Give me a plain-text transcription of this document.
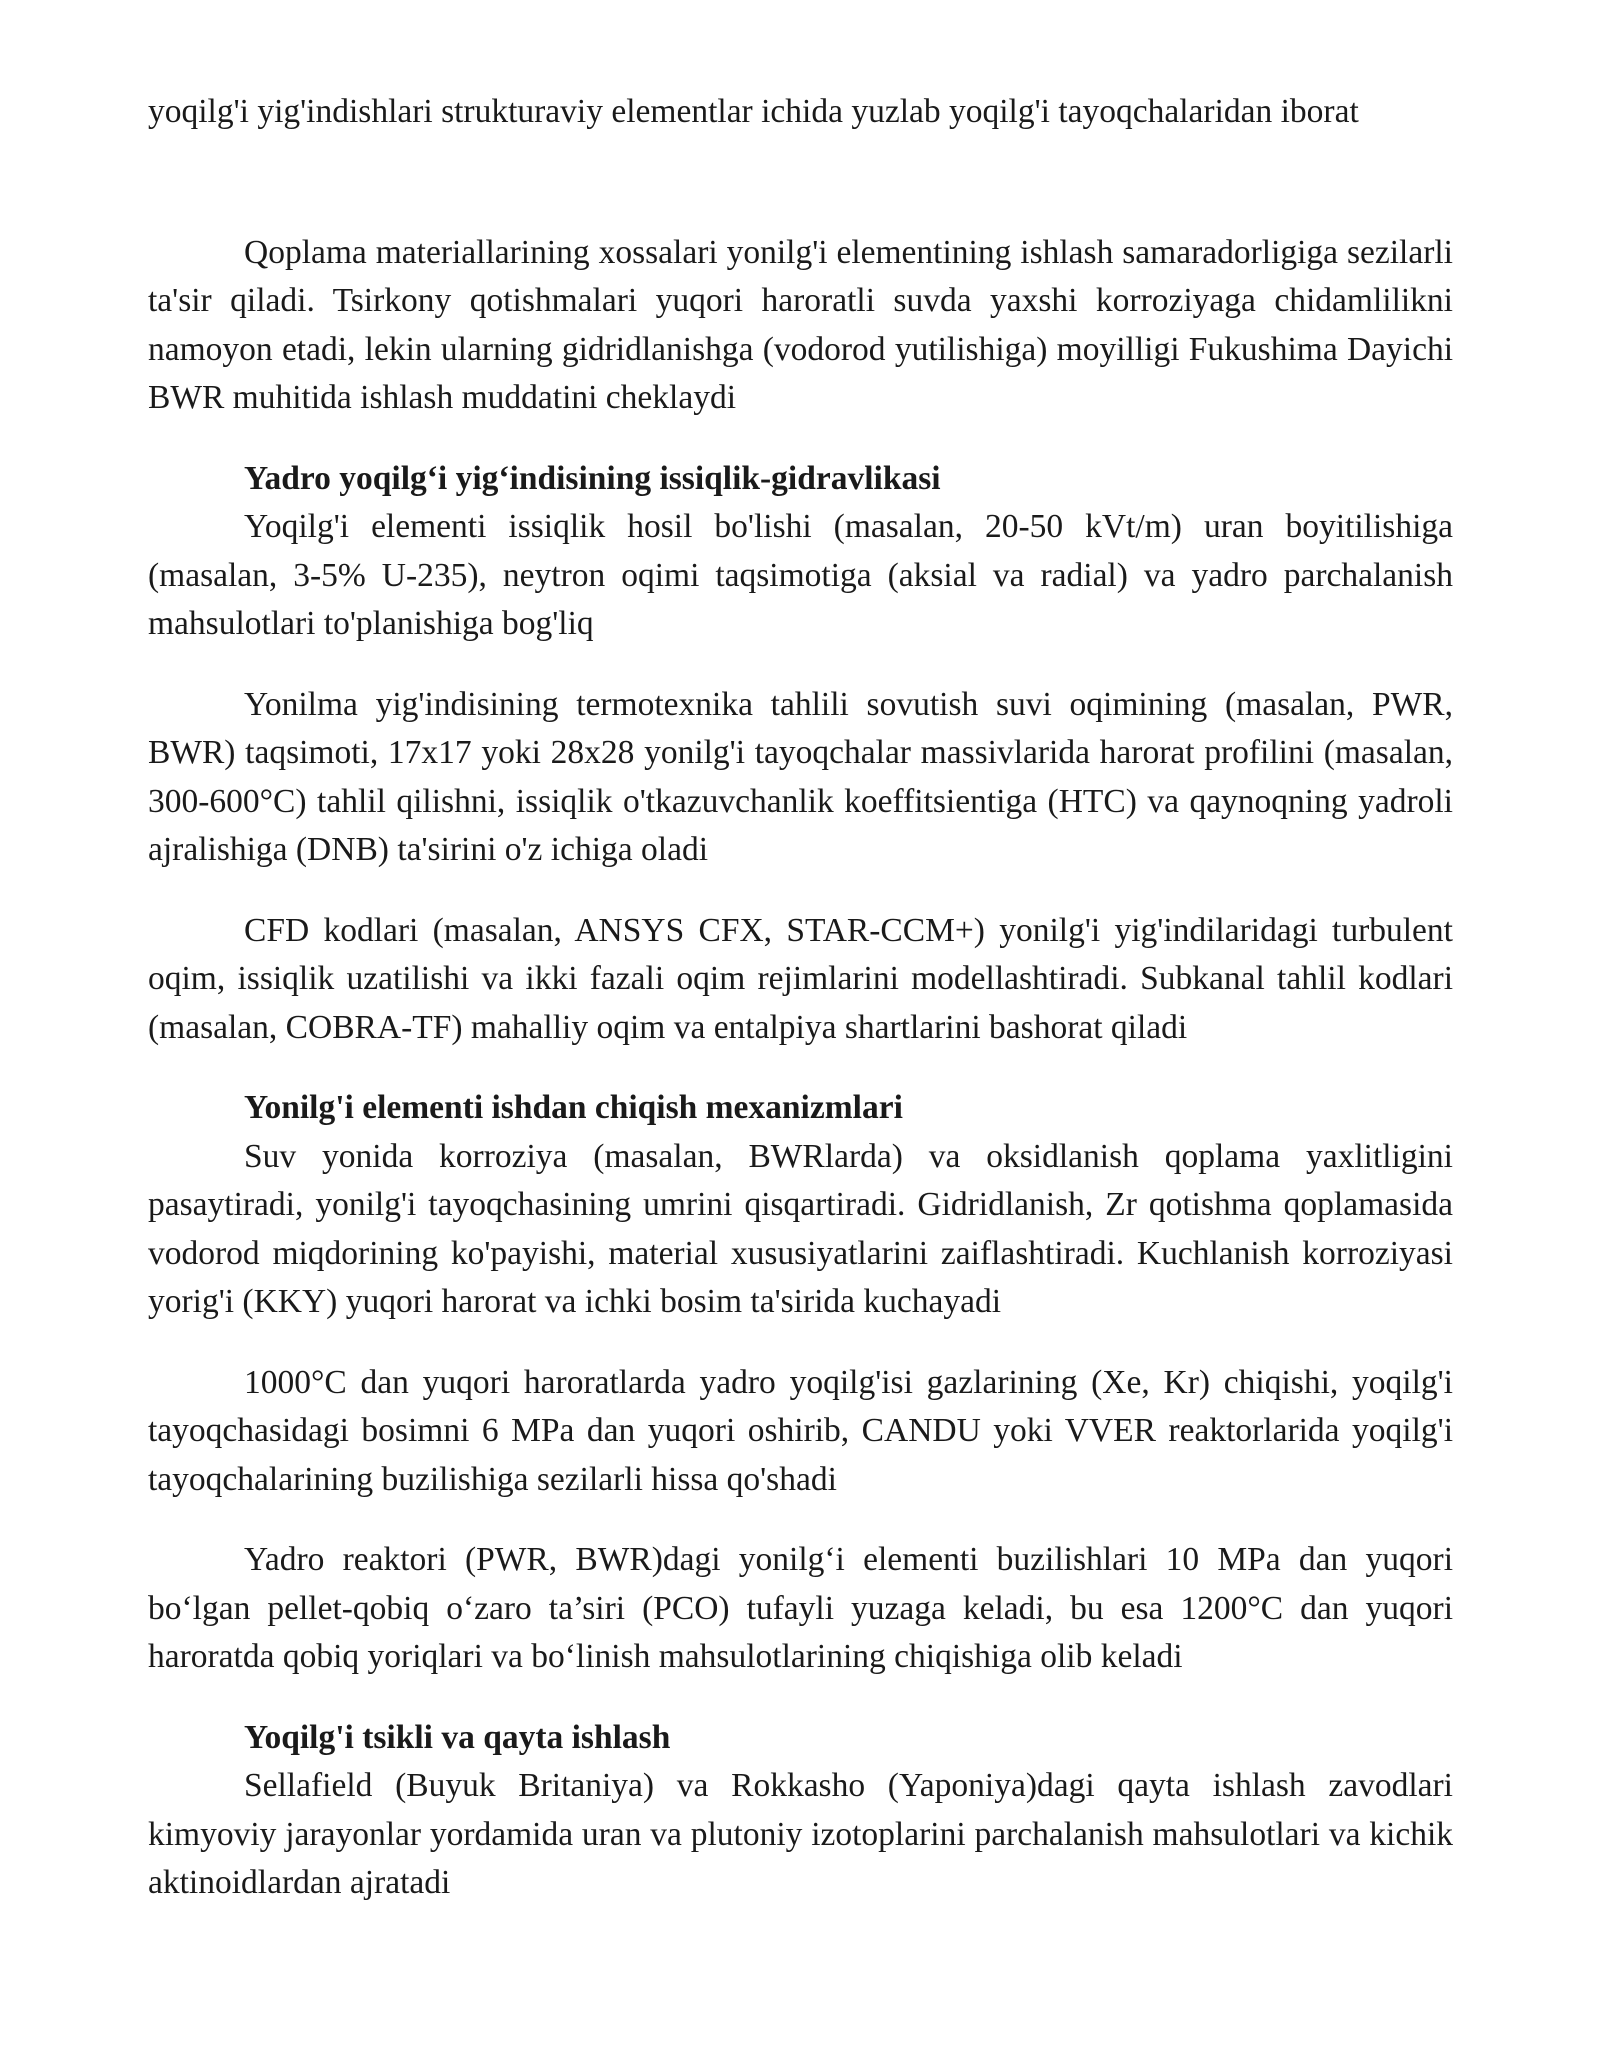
yoqilg'i yig'indishlari strukturaviy elementlar ichida yuzlab yoqilg'i tayoqchalaridan iborat

Qoplama materiallarining xossalari yonilg'i elementining ishlash samaradorligiga sezilarli ta'sir qiladi. Tsirkony qotishmalari yuqori haroratli suvda yaxshi korroziyaga chidamlilikni namoyon etadi, lekin ularning gidridlanishga (vodorod yutilishiga) moyilligi Fukushima Dayichi BWR muhitida ishlash muddatini cheklaydi

Yadro yoqilg‘i yig‘indisining issiqlik-gidravlikasi

Yoqilg'i elementi issiqlik hosil bo'lishi (masalan, 20-50 kVt/m) uran boyitilishiga (masalan, 3-5% U-235), neytron oqimi taqsimotiga (aksial va radial) va yadro parchalanish mahsulotlari to'planishiga bog'liq

Yonilma yig'indisining termotexnika tahlili sovutish suvi oqimining (masalan, PWR, BWR) taqsimoti, 17x17 yoki 28x28 yonilg'i tayoqchalar massivlarida harorat profilini (masalan, 300-600°C) tahlil qilishni, issiqlik o'tkazuvchanlik koeffitsientiga (HTC) va qaynoqning yadroli ajralishiga (DNB) ta'sirini o'z ichiga oladi

CFD kodlari (masalan, ANSYS CFX, STAR-CCM+) yonilg'i yig'indilaridagi turbulent oqim, issiqlik uzatilishi va ikki fazali oqim rejimlarini modellashtiradi. Subkanal tahlil kodlari (masalan, COBRA-TF) mahalliy oqim va entalpiya shartlarini bashorat qiladi

Yonilg'i elementi ishdan chiqish mexanizmlari

Suv yonida korroziya (masalan, BWRlarda) va oksidlanish qoplama yaxlitligini pasaytiradi, yonilg'i tayoqchasining umrini qisqartiradi. Gidridlanish, Zr qotishma qoplamasida vodorod miqdorining ko'payishi, material xususiyatlarini zaiflashtiradi. Kuchlanish korroziyasi yorig'i (KKY) yuqori harorat va ichki bosim ta'sirida kuchayadi

1000°C dan yuqori haroratlarda yadro yoqilg'isi gazlarining (Xe, Kr) chiqishi, yoqilg'i tayoqchasidagi bosimni 6 MPa dan yuqori oshirib, CANDU yoki VVER reaktorlarida yoqilg'i tayoqchalarining buzilishiga sezilarli hissa qo'shadi

Yadro reaktori (PWR, BWR)dagi yonilg‘i elementi buzilishlari 10 MPa dan yuqori bo‘lgan pellet-qobiq o‘zaro ta’siri (PCO) tufayli yuzaga keladi, bu esa 1200°C dan yuqori haroratda qobiq yoriqlari va bo‘linish mahsulotlarining chiqishiga olib keladi

Yoqilg'i tsikli va qayta ishlash

Sellafield (Buyuk Britaniya) va Rokkasho (Yaponiya)dagi qayta ishlash zavodlari kimyoviy jarayonlar yordamida uran va plutoniy izotoplarini parchalanish mahsulotlari va kichik aktinoidlardan ajratadi
